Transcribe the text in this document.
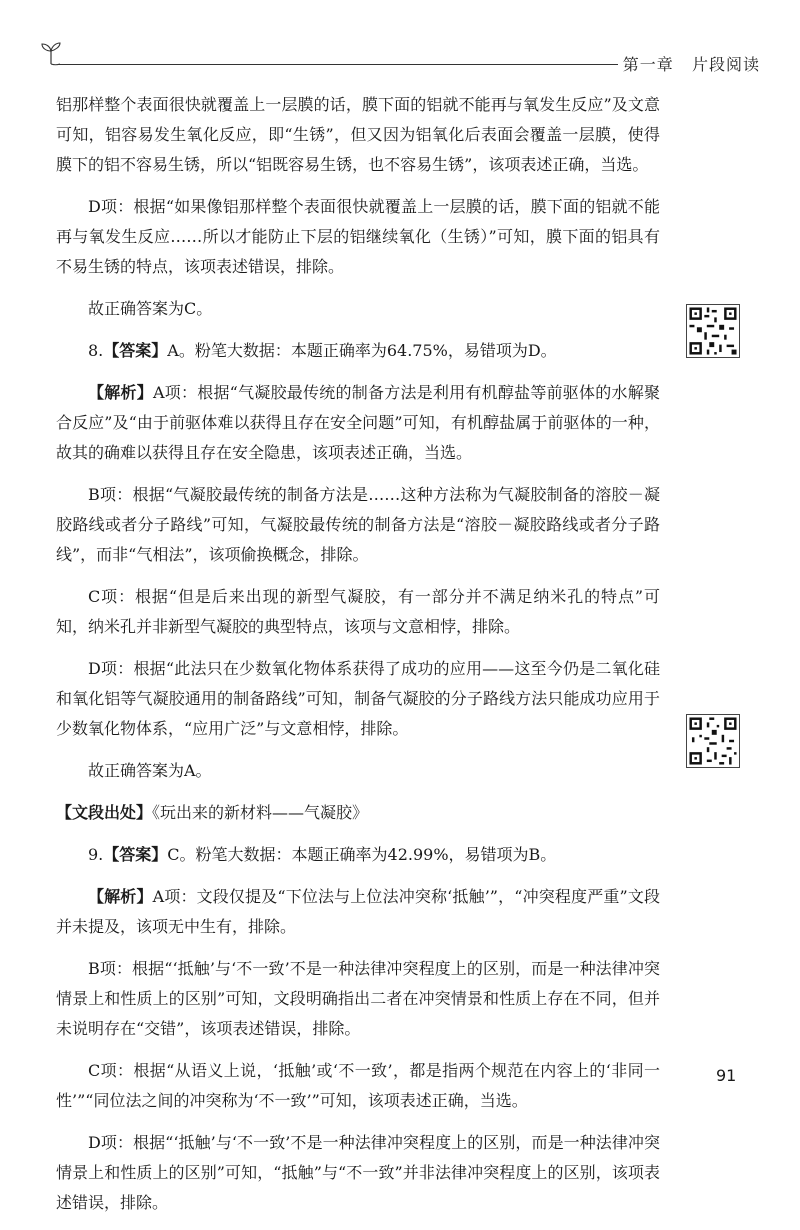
第一章 片段阅读

铝那样整个表面很快就覆盖上一层膜的话，膜下面的铝就不能再与氧发生反应”及文意可知，铝容易发生氧化反应，即“生锈”，但又因为铝氧化后表面会覆盖一层膜，使得膜下的铝不容易生锈，所以“铝既容易生锈，也不容易生锈”，该项表述正确，当选。

D项：根据“如果像铝那样整个表面很快就覆盖上一层膜的话，膜下面的铝就不能再与氧发生反应……所以才能防止下层的铝继续氧化（生锈）”可知，膜下面的铝具有不易生锈的特点，该项表述错误，排除。

故正确答案为C。

8.【答案】A。粉笔大数据：本题正确率为64.75%，易错项为D。

【解析】A项：根据“气凝胶最传统的制备方法是利用有机醇盐等前驱体的水解聚合反应”及“由于前驱体难以获得且存在安全问题”可知，有机醇盐属于前驱体的一种，故其的确难以获得且存在安全隐患，该项表述正确，当选。

B项：根据“气凝胶最传统的制备方法是……这种方法称为气凝胶制备的溶胶－凝胶路线或者分子路线”可知，气凝胶最传统的制备方法是“溶胶－凝胶路线或者分子路线”，而非“气相法”，该项偷换概念，排除。

C项：根据“但是后来出现的新型气凝胶，有一部分并不满足纳米孔的特点”可知，纳米孔并非新型气凝胶的典型特点，该项与文意相悖，排除。

D项：根据“此法只在少数氧化物体系获得了成功的应用——这至今仍是二氧化硅和氧化铝等气凝胶通用的制备路线”可知，制备气凝胶的分子路线方法只能成功应用于少数氧化物体系，“应用广泛”与文意相悖，排除。

故正确答案为A。

【文段出处】《玩出来的新材料——气凝胶》

9.【答案】C。粉笔大数据：本题正确率为42.99%，易错项为B。

【解析】A项：文段仅提及“下位法与上位法冲突称‘抵触’”，“冲突程度严重”文段并未提及，该项无中生有，排除。

B项：根据“‘抵触’与‘不一致’不是一种法律冲突程度上的区别，而是一种法律冲突情景上和性质上的区别”可知，文段明确指出二者在冲突情景和性质上存在不同，但并未说明存在“交错”，该项表述错误，排除。

C项：根据“从语义上说，‘抵触’或‘不一致’，都是指两个规范在内容上的‘非同一性’”“同位法之间的冲突称为‘不一致’”可知，该项表述正确，当选。

D项：根据“‘抵触’与‘不一致’不是一种法律冲突程度上的区别，而是一种法律冲突情景上和性质上的区别”可知，“抵触”与“不一致”并非法律冲突程度上的区别，该项表述错误，排除。

91
